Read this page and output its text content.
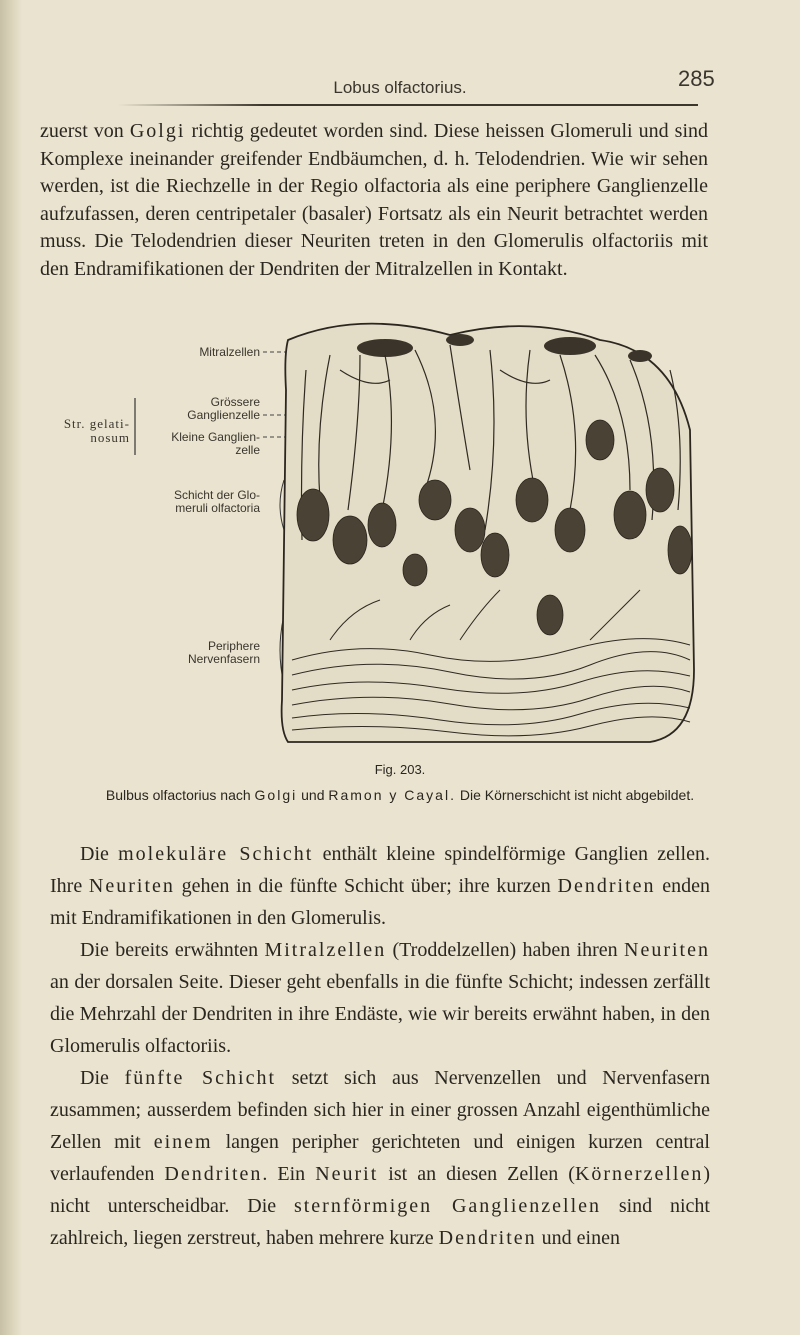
Lobus olfactorius.	285
zuerst von Golgi richtig gedeutet worden sind. Diese heissen Glomeruli und sind Komplexe ineinander greifender Endbäumchen, d. h. Telodendrien. Wie wir sehen werden, ist die Riechzelle in der Regio olfactoria als eine periphere Ganglienzelle aufzufassen, deren centripetaler (basaler) Fortsatz als ein Neurit betrachtet werden muss. Die Telodendrien dieser Neuriten treten in den Glomerulis olfactoriis mit den Endramifikationen der Dendriten der Mitralzellen in Kontakt.
Mitralzellen
Grössere
Ganglienzelle
Str. gelati-
nosum	Kleine Ganglien-
zelle
Schicht der Glo-
meruli olfactoria
Periphere
Nervenfasern
Fig. 203.
Bulbus olfactorius nach Golgi und Ramon y Cayal. Die Körnerschicht ist nicht abgebildet.

Die molekuläre Schicht enthält kleine spindelförmige Ganglien zellen. Ihre Neuriten gehen in die fünfte Schicht über; ihre kurzen Dendriten enden mit Endramifikationen in den Glomerulis.

Die bereits erwähnten Mitralzellen (Troddelzellen) haben ihren Neuriten an der dorsalen Seite. Dieser geht ebenfalls in die fünfte Schicht; indessen zerfällt die Mehrzahl der Dendriten in ihre Endäste, wie wir bereits erwähnt haben, in den Glomerulis olfactoriis.

Die fünfte Schicht setzt sich aus Nervenzellen und Nervenfasern zusammen; ausserdem befinden sich hier in einer grossen Anzahl eigenthümliche Zellen mit einem langen peripher gerichteten und einigen kurzen central verlaufenden Dendriten. Ein Neurit ist an diesen Zellen (Körnerzellen) nicht unterscheidbar. Die sternförmigen Ganglienzellen sind nicht zahlreich, liegen zerstreut, haben mehrere kurze Dendriten und einen
